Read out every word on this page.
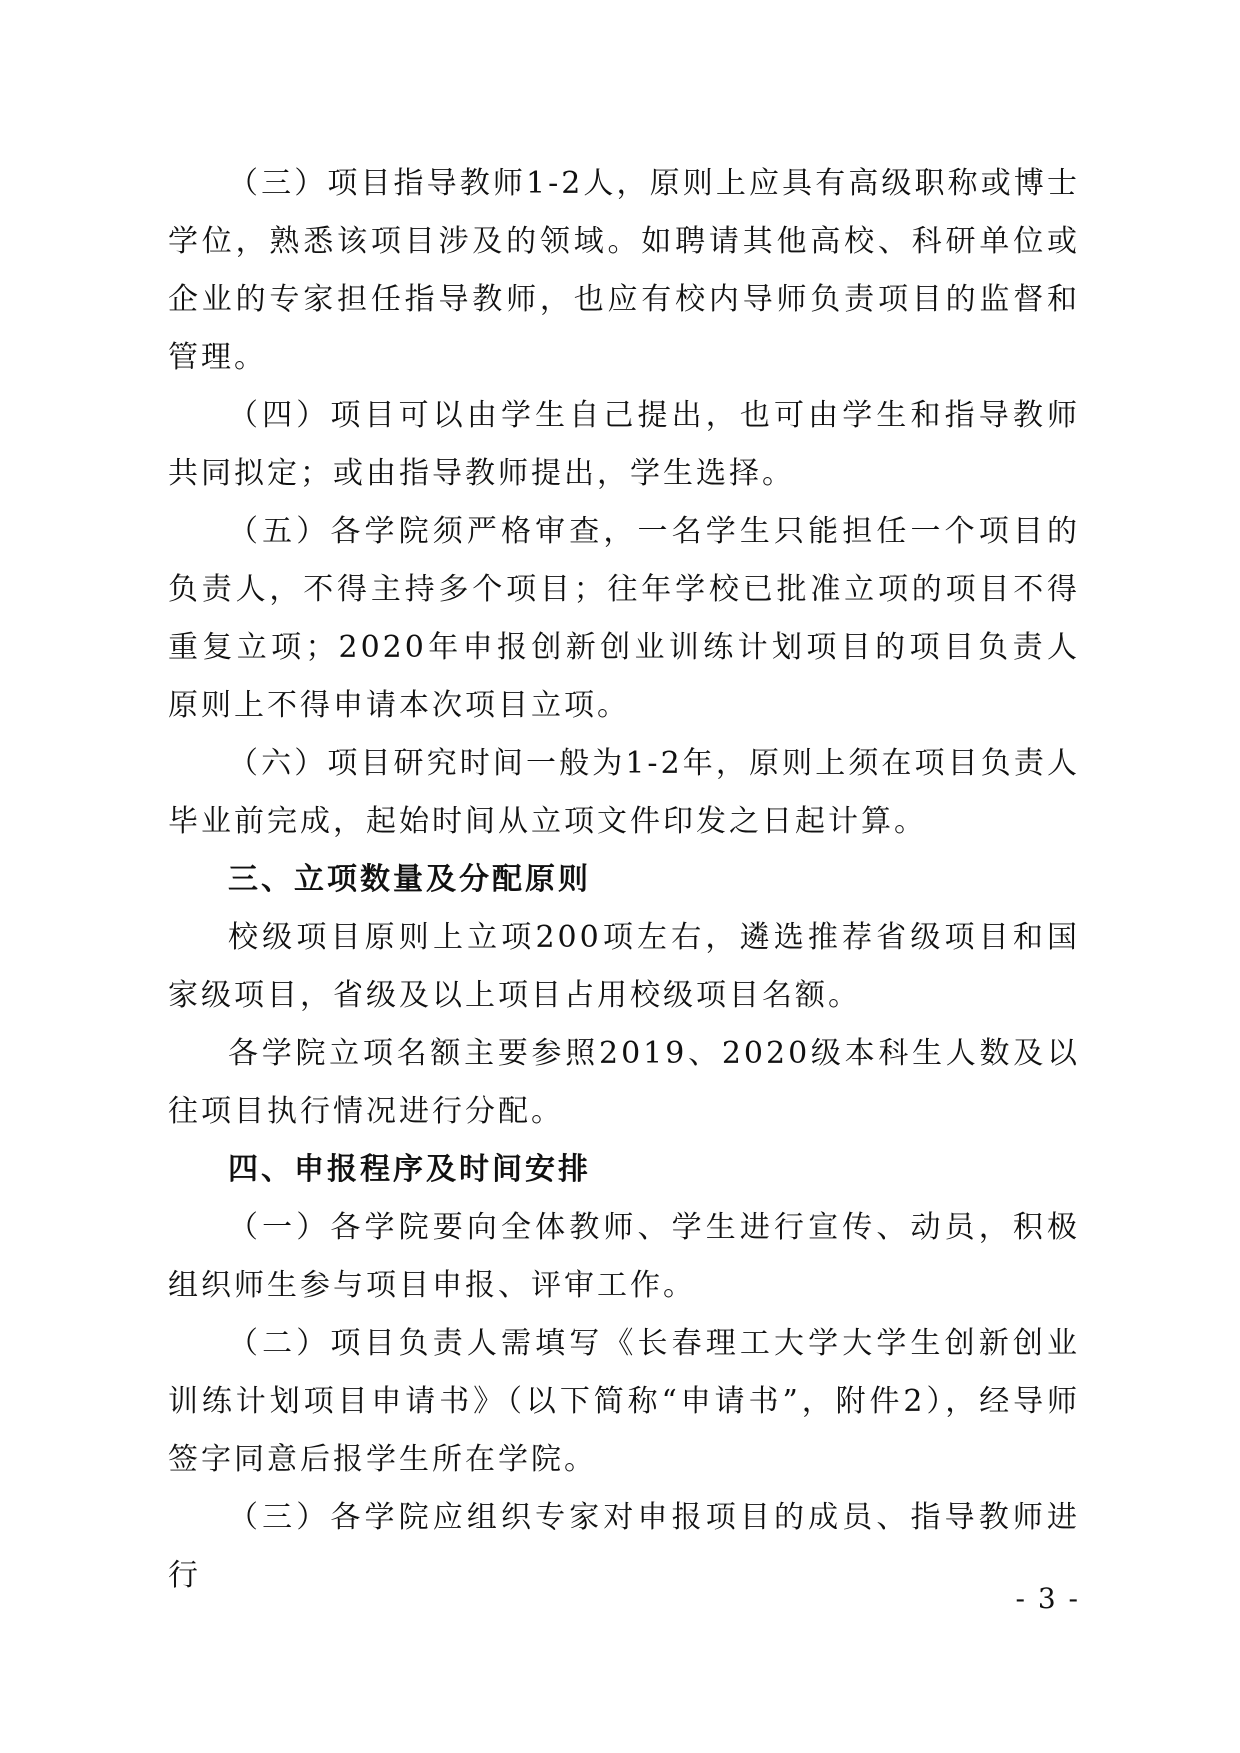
（三）项目指导教师1-2人，原则上应具有高级职称或博士学位，熟悉该项目涉及的领域。如聘请其他高校、科研单位或企业的专家担任指导教师，也应有校内导师负责项目的监督和管理。

（四）项目可以由学生自己提出，也可由学生和指导教师共同拟定；或由指导教师提出，学生选择。

（五）各学院须严格审查，一名学生只能担任一个项目的负责人，不得主持多个项目；往年学校已批准立项的项目不得重复立项；2020年申报创新创业训练计划项目的项目负责人原则上不得申请本次项目立项。

（六）项目研究时间一般为1-2年，原则上须在项目负责人毕业前完成，起始时间从立项文件印发之日起计算。

三、立项数量及分配原则

校级项目原则上立项200项左右，遴选推荐省级项目和国家级项目，省级及以上项目占用校级项目名额。

各学院立项名额主要参照2019、2020级本科生人数及以往项目执行情况进行分配。

四、申报程序及时间安排

（一）各学院要向全体教师、学生进行宣传、动员，积极组织师生参与项目申报、评审工作。

（二）项目负责人需填写《长春理工大学大学生创新创业训练计划项目申请书》（以下简称“申请书”，附件2），经导师签字同意后报学生所在学院。

（三）各学院应组织专家对申报项目的成员、指导教师进行

- 3 -
